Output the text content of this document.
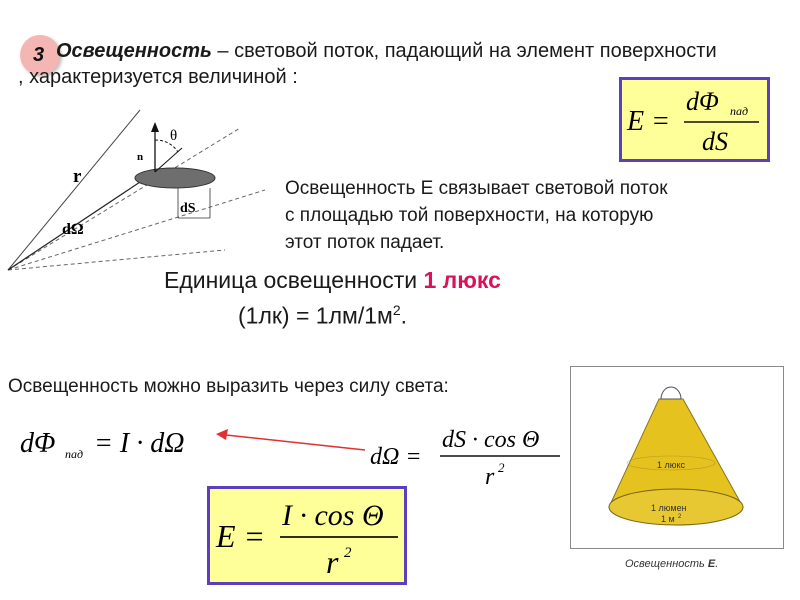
3 Освещенность – световой поток, падающий на элемент поверхности
, характеризуется величиной :
E =
dΦ пад
dS
r
n
θ
dS
dΩ
Освещенность Е связывает световой поток
с площадью той поверхности, на которую
этот поток падает.
Единица освещенности 1 люкс
$(1лк) = 1лм/1м^2$.
Освещенность можно выразить через силу света:
dΦ пад = I · dΩ	dΩ =
dS · cos Θ
r 2
E =
I · cos Θ
r 2
1 люкс
1 люмен
1 м 2
Освещенность E.
